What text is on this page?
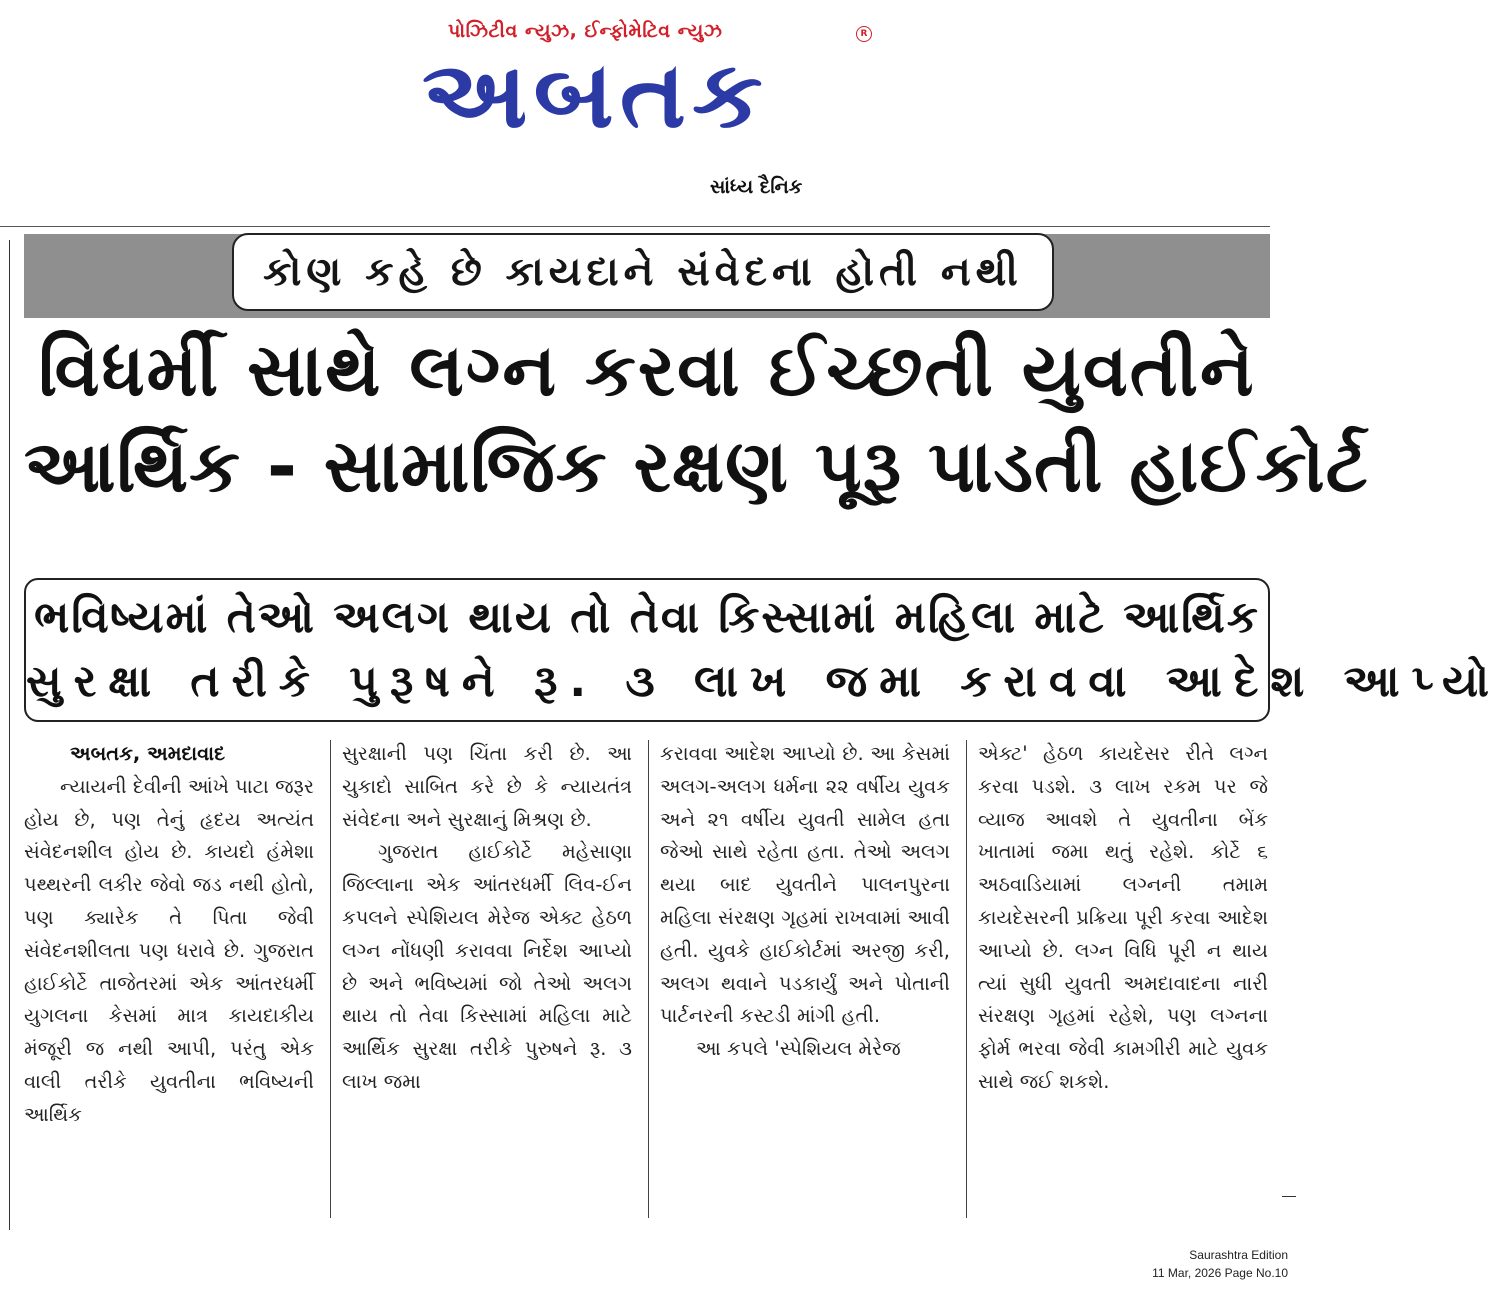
પોઝિટીવ ન્યુઝ, ઈન્ફોમેટિવ ન્યુઝ
અબતક
R
સાંધ્ય દૈનિક
કોણ કહે છે કાયદાને સંવેદના હોતી નથી
વિધર્મી સાથે લગ્ન કરવા ઈચ્છતી યુવતીને
આર્થિક - સામાજિક રક્ષણ પૂરૂ પાડતી હાઈકોર્ટ
ભવિષ્યમાં તેઓ અલગ થાય તો તેવા કિસ્સામાં મહિલા માટે આર્થિક
સુરક્ષા તરીકે પુરૂષને રૂ. ૩ લાખ જમા કરાવવા આદેશ આપ્યો

અબતક, અમદાવાદ

ન્યાયની દેવીની આંખે પાટા જરૂર હોય છે, પણ તેનું હૃદય અત્યંત સંવેદનશીલ હોય છે. કાયદો હંમેશા પથ્થરની લકીર જેવો જડ નથી હોતો, પણ ક્યારેક તે પિતા જેવી સંવેદનશીલતા પણ ધરાવે છે. ગુજરાત હાઈકોર્ટે તાજેતરમાં એક આંતરધર્મી યુગલના કેસમાં માત્ર કાયદાકીય મંજૂરી જ નથી આપી, પરંતુ એક વાલી તરીકે યુવતીના ભવિષ્યની આર્થિક

સુરક્ષાની પણ ચિંતા કરી છે. આ ચુકાદો સાબિત કરે છે કે ન્યાયતંત્ર સંવેદના અને સુરક્ષાનું મિશ્રણ છે.

ગુજરાત હાઈકોર્ટે મહેસાણા જિલ્લાના એક આંતરધર્મી લિવ-ઈન કપલને સ્પેશિયલ મેરેજ એક્ટ હેઠળ લગ્ન નોંધણી કરાવવા નિર્દેશ આપ્યો છે અને ભવિષ્યમાં જો તેઓ અલગ થાય તો તેવા કિસ્સામાં મહિલા માટે આર્થિક સુરક્ષા તરીકે પુરુષને રૂ. ૩ લાખ જમા

કરાવવા આદેશ આપ્યો છે. આ કેસમાં અલગ-અલગ ધર્મના ૨૨ વર્ષીય યુવક અને ૨૧ વર્ષીય યુવતી સામેલ હતા જેઓ સાથે રહેતા હતા. તેઓ અલગ થયા બાદ યુવતીને પાલનપુરના મહિલા સંરક્ષણ ગૃહમાં રાખવામાં આવી હતી. યુવકે હાઈકોર્ટમાં અરજી કરી, અલગ થવાને પડકાર્યું અને પોતાની પાર્ટનરની કસ્ટડી માંગી હતી.

આ કપલે 'સ્પેશિયલ મેરેજ

એક્ટ' હેઠળ કાયદેસર રીતે લગ્ન કરવા પડશે. ૩ લાખ રકમ પર જે વ્યાજ આવશે તે યુવતીના બેંક ખાતામાં જમા થતું રહેશે. કોર્ટે ૬ અઠવાડિયામાં લગ્નની તમામ કાયદેસરની પ્રક્રિયા પૂરી કરવા આદેશ આપ્યો છે. લગ્ન વિધિ પૂરી ન થાય ત્યાં સુધી યુવતી અમદાવાદના નારી સંરક્ષણ ગૃહમાં રહેશે, પણ લગ્નના ફોર્મ ભરવા જેવી કામગીરી માટે યુવક સાથે જઈ શકશે.

Saurashtra Edition
11 Mar, 2026 Page No.10
